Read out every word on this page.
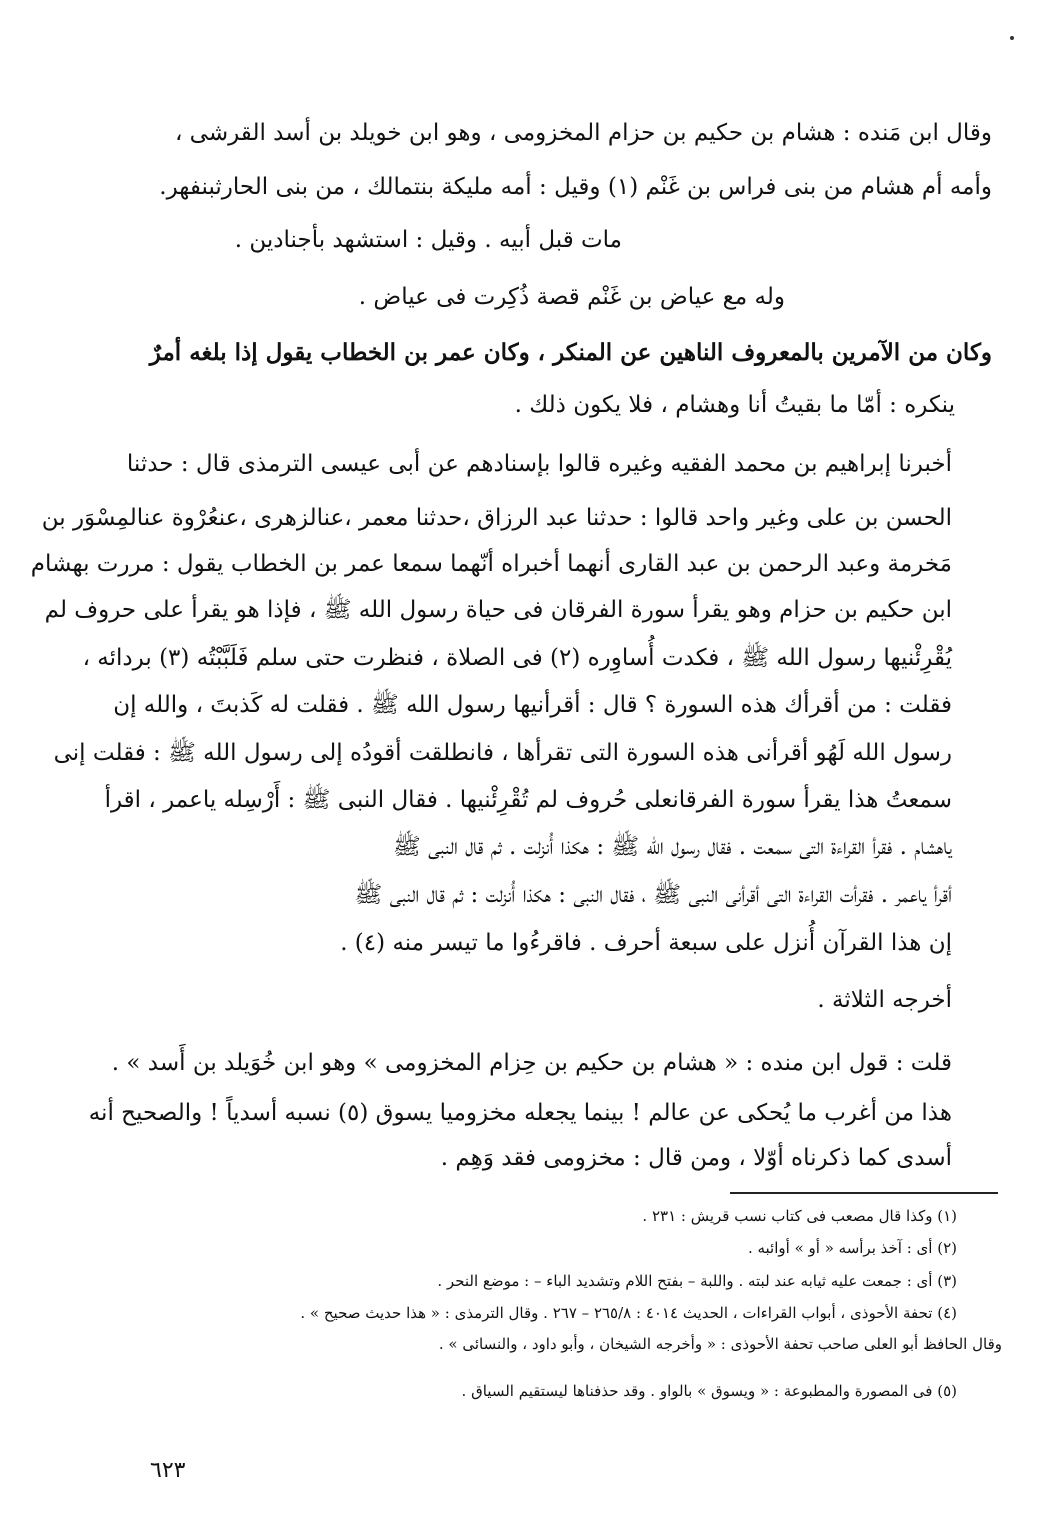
وقال ابن مَنده : هشام بن حكيم بن حزام المخزومى ، وهو ابن خويلد بن أسد القرشى ،
وأمه أم هشام من بنى فراس بن غَنْم (١) وقيل : أمه مليكة بنتمالك ، من بنى الحارثبنفهر.
مات قبل أبيه . وقيل : استشهد بأجنادين .
وله مع عياض بن غَنْم قصة ذُكِرت فى عياض .
وكان من الآمرين بالمعروف الناهين عن المنكر ، وكان عمر بن الخطاب يقول إذا بلغه أمرٌ
ينكره : أمّا ما بقيتُ أنا وهشام ، فلا يكون ذلك .
أخبرنا إبراهيم بن محمد الفقيه وغيره قالوا بإسنادهم عن أبى عيسى الترمذى قال : حدثنا
الحسن بن على وغير واحد قالوا : حدثنا عبد الرزاق ،حدثنا معمر ،عنالزهرى ،عنعُرْوة عنالمِسْوَر بن
مَخرمة وعبد الرحمن بن عبد القارى أنهما أخبراه أنّهما سمعا عمر بن الخطاب يقول : مررت بهشام
ابن حكيم بن حزام وهو يقرأ سورة الفرقان فى حياة رسول الله ﷺ ، فإذا هو يقرأ على حروف لم
يُقْرِئْنيها رسول الله ﷺ ، فكدت أُساوِره (٢) فى الصلاة ، فنظرت حتى سلم فَلَبَّبْتُه (٣) بردائه ،
فقلت : من أقرأك هذه السورة ؟ قال : أقرأنيها رسول الله ﷺ . فقلت له كَذبتَ ، والله إن
رسول الله لَهُو أقرأنى هذه السورة التى تقرأها ، فانطلقت أقودُه إلى رسول الله ﷺ : فقلت إنى
سمعتُ هذا يقرأ سورة الفرقانعلى حُروف لم تُقْرِئْنيها . فقال النبى ﷺ : أَرْسِله ياعمر ، اقرأ
ياهشام . فقرأ القراءة التى سمعت . فقال رسول الله ﷺ : هكذا أُنزلت . ثم قال النبى ﷺ
أقرأ ياعمر . فقرأت القراءة التى أقرأنى النبى ﷺ ، فقال النبى : هكذا أُنزلت : ثم قال النبى ﷺ
إن هذا القرآن أُنزل على سبعة أحرف . فاقرءُوا ما تيسر منه (٤) .
أخرجه الثلاثة .
قلت : قول ابن منده : « هشام بن حكيم بن حِزام المخزومى » وهو ابن خُوَيلد بن أَسد » .
هذا من أغرب ما يُحكى عن عالم ! بينما يجعله مخزوميا يسوق (٥) نسبه أسدياً ! والصحيح أنه
أسدى كما ذكرناه أوّلا ، ومن قال : مخزومى فقد وَهِم .
(١) وكذا قال مصعب فى كتاب نسب قريش : ٢٣١ .
(٢) أى : آخذ برأسه « أو » أوائبه .
(٣) أى : جمعت عليه ثيابه عند لبته . واللبة – بفتح اللام وتشديد الباء – : موضع النحر .
(٤) تحفة الأحوذى ، أبواب القراءات ، الحديث ٤٠١٤ : ٢٦٥/٨ – ٢٦٧ . وقال الترمذى : « هذا حديث صحيح » .
وقال الحافظ أبو العلى صاحب تحفة الأحوذى : « وأخرجه الشيخان ، وأبو داود ، والنسائى » .
(٥) فى المصورة والمطبوعة : « ويسوق » بالواو . وقد حذفناها ليستقيم السياق .
٦٢٣
